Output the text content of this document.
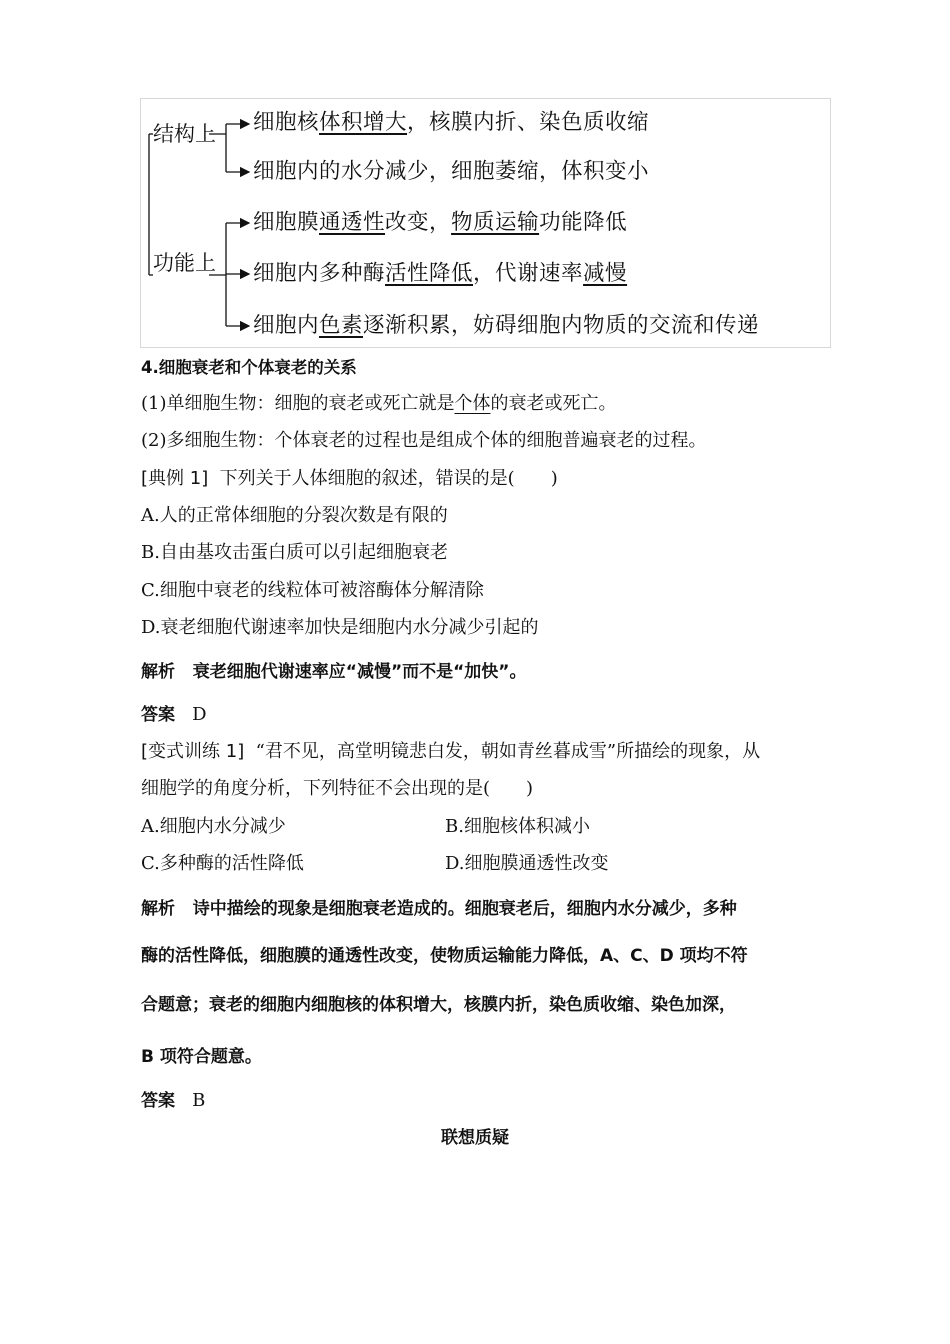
结构上
功能上
细胞核体积增大，核膜内折、染色质收缩
细胞内的水分减少，细胞萎缩，体积变小
细胞膜通透性改变，物质运输功能降低
细胞内多种酶活性降低，代谢速率减慢
细胞内色素逐渐积累，妨碍细胞内物质的交流和传递
4.细胞衰老和个体衰老的关系
(1)单细胞生物：细胞的衰老或死亡就是个体的衰老或死亡。
(2)多细胞生物：个体衰老的过程也是组成个体的细胞普遍衰老的过程。
[典例 1] 下列关于人体细胞的叙述，错误的是(　　)
A.人的正常体细胞的分裂次数是有限的
B.自由基攻击蛋白质可以引起细胞衰老
C.细胞中衰老的线粒体可被溶酶体分解清除
D.衰老细胞代谢速率加快是细胞内水分减少引起的
解析 衰老细胞代谢速率应“减慢”而不是“加快”。
答案 D
[变式训练 1] “君不见，高堂明镜悲白发，朝如青丝暮成雪”所描绘的现象，从
细胞学的角度分析，下列特征不会出现的是(　　)
A.细胞内水分减少	B.细胞核体积减小
C.多种酶的活性降低	D.细胞膜通透性改变
解析 诗中描绘的现象是细胞衰老造成的。细胞衰老后，细胞内水分减少，多种
酶的活性降低，细胞膜的通透性改变，使物质运输能力降低，A、C、D 项均不符
合题意；衰老的细胞内细胞核的体积增大，核膜内折，染色质收缩、染色加深，
B 项符合题意。
答案 B
联想质疑
